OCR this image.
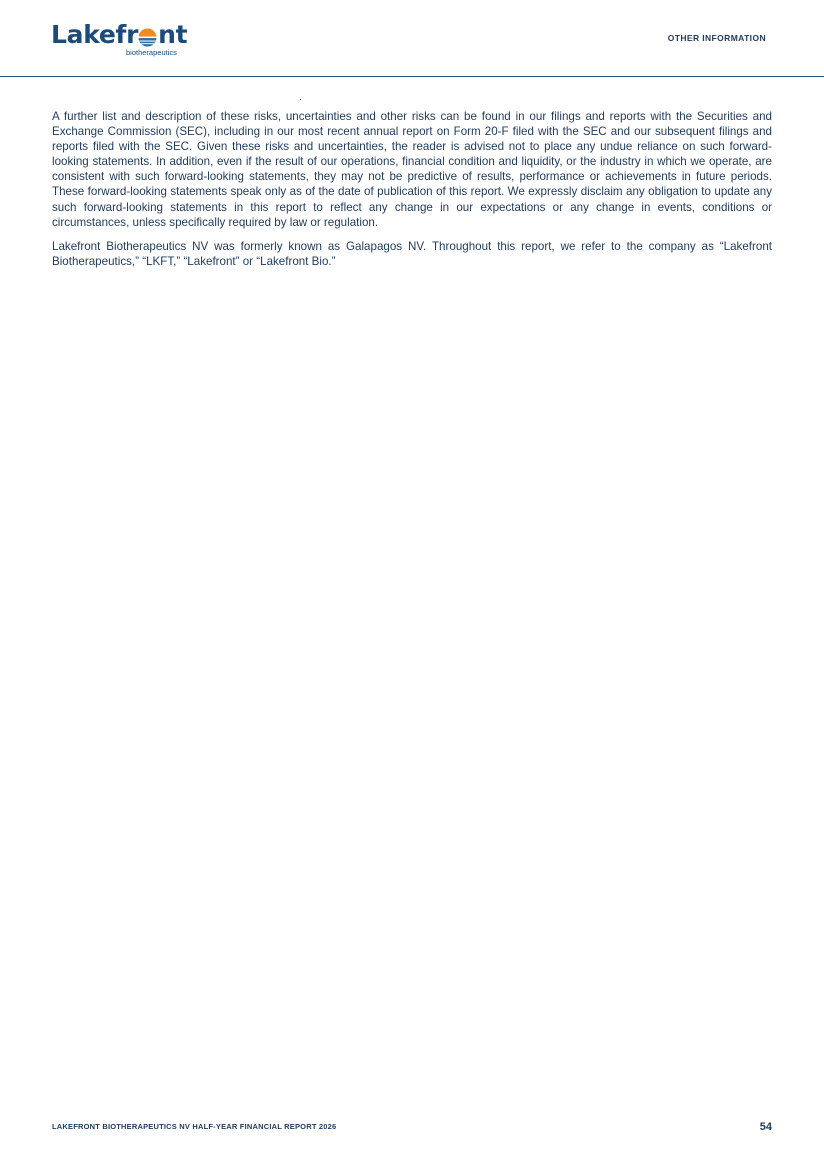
Lakefr nt
biotherapeutics
OTHER INFORMATION

A further list and description of these risks, uncertainties and other risks can be found in our filings and reports with the Securities and Exchange Commission (SEC), including in our most recent annual report on Form 20-F filed with the SEC and our subsequent filings and reports filed with the SEC. Given these risks and uncertainties, the reader is advised not to place any undue reliance on such forward-looking statements. In addition, even if the result of our operations, financial condition and liquidity, or the industry in which we operate, are consistent with such forward-looking statements, they may not be predictive of results, performance or achievements in future periods. These forward-looking statements speak only as of the date of publication of this report. We expressly disclaim any obligation to update any such forward-looking statements in this report to reflect any change in our expectations or any change in events, conditions or circumstances, unless specifically required by law or regulation.

Lakefront Biotherapeutics NV was formerly known as Galapagos NV. Throughout this report, we refer to the company as “Lakefront Biotherapeutics,” “LKFT,” “Lakefront” or “Lakefront Bio.”

LAKEFRONT BIOTHERAPEUTICS NV HALF-YEAR FINANCIAL REPORT 2026	54
